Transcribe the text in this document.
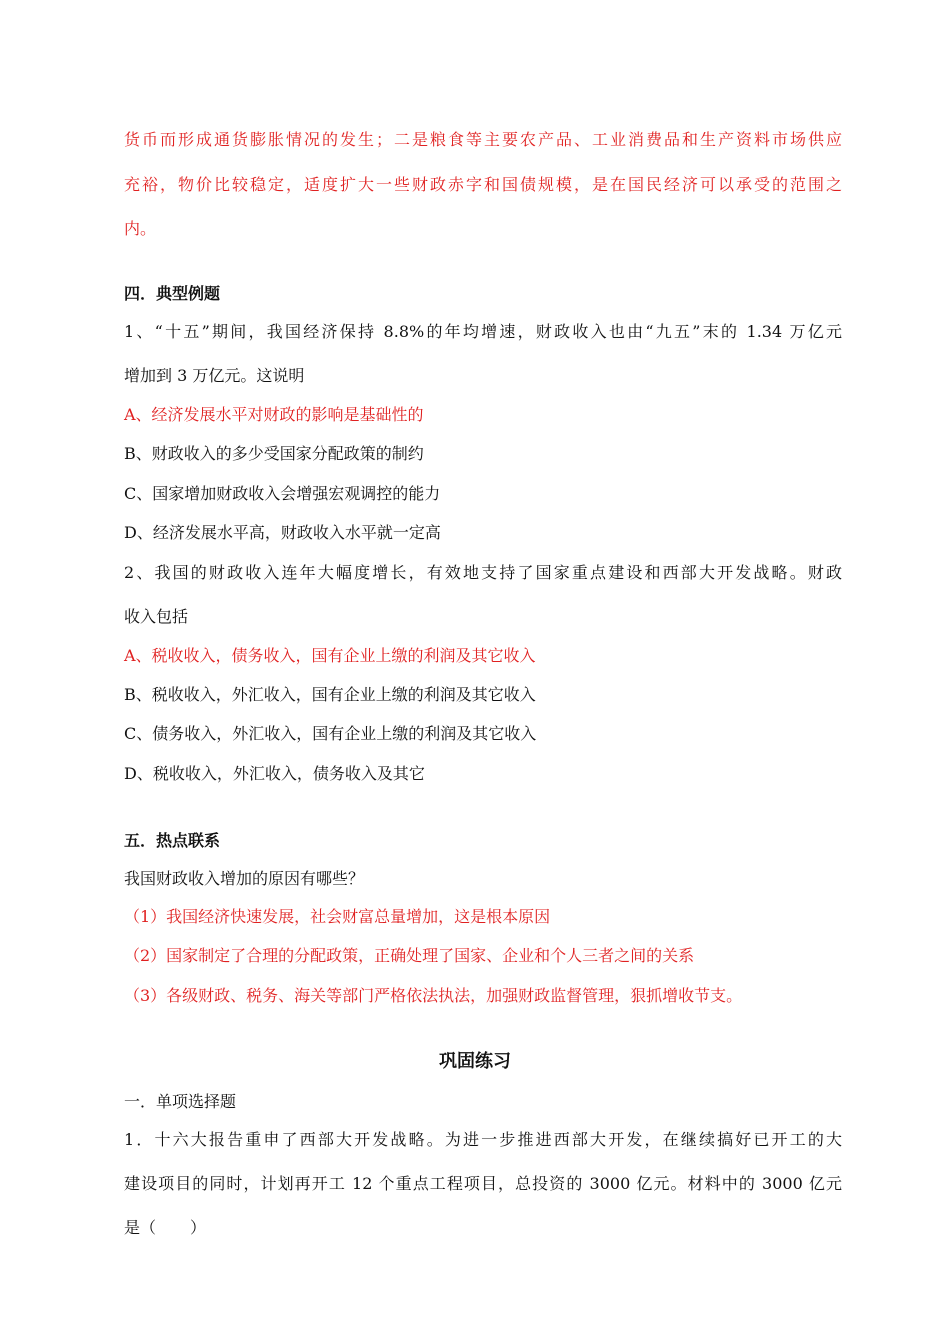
货币而形成通货膨胀情况的发生；二是粮食等主要农产品、工业消费品和生产资料市场供应
充裕，物价比较稳定，适度扩大一些财政赤字和国债规模，是在国民经济可以承受的范围之
内。
四．典型例题
1、“十五”期间，我国经济保持 8.8%的年均增速，财政收入也由“九五”末的 1.34 万亿元
增加到 3 万亿元。这说明
A、经济发展水平对财政的影响是基础性的
B、财政收入的多少受国家分配政策的制约
C、国家增加财政收入会增强宏观调控的能力
D、经济发展水平高，财政收入水平就一定高
2、我国的财政收入连年大幅度增长，有效地支持了国家重点建设和西部大开发战略。财政
收入包括
A、税收收入，债务收入，国有企业上缴的利润及其它收入
B、税收收入，外汇收入，国有企业上缴的利润及其它收入
C、债务收入，外汇收入，国有企业上缴的利润及其它收入
D、税收收入，外汇收入，债务收入及其它
五．热点联系
我国财政收入增加的原因有哪些？
（1）我国经济快速发展，社会财富总量增加，这是根本原因
（2）国家制定了合理的分配政策，正确处理了国家、企业和个人三者之间的关系
（3）各级财政、税务、海关等部门严格依法执法，加强财政监督管理，狠抓增收节支。
巩固练习
一．单项选择题
1．十六大报告重申了西部大开发战略。为进一步推进西部大开发，在继续搞好已开工的大
建设项目的同时，计划再开工 12 个重点工程项目，总投资的 3000 亿元。材料中的 3000 亿元
是（ ）
